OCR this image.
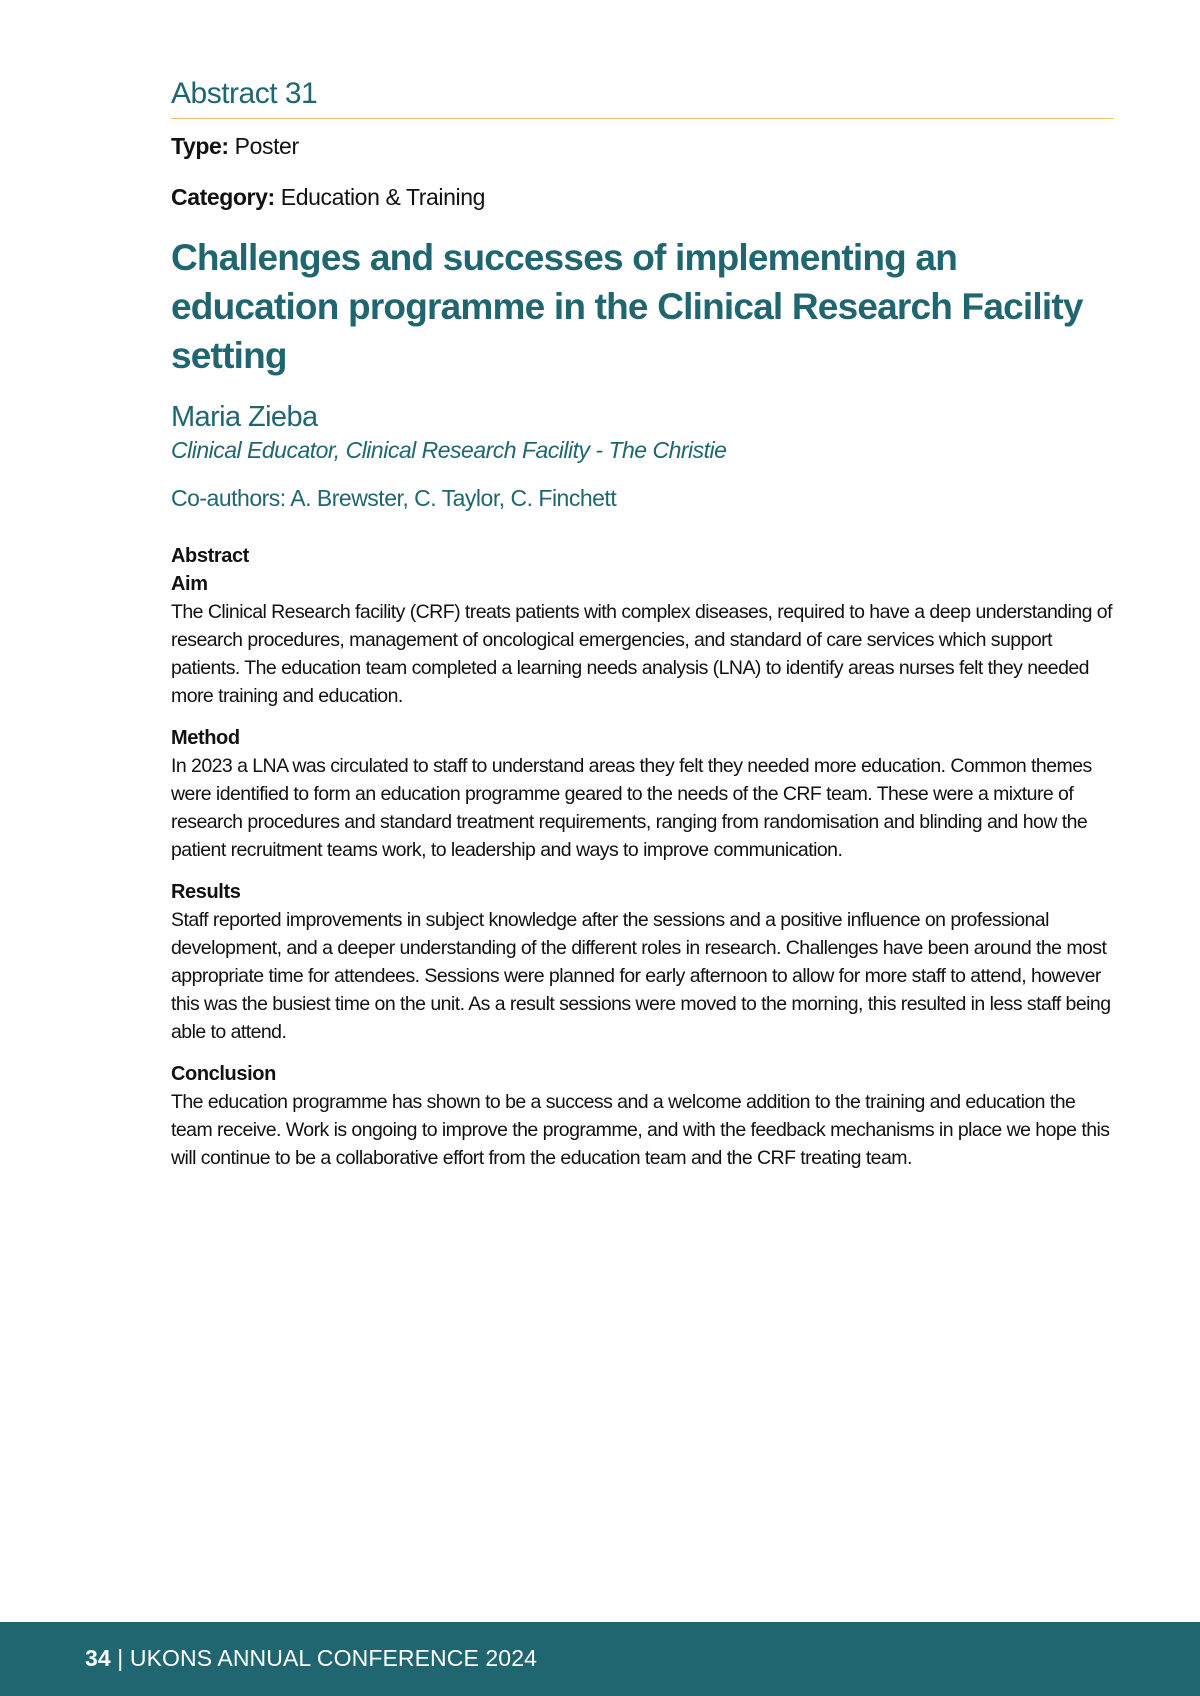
Abstract 31
Type: Poster
Category: Education & Training
Challenges and successes of implementing an education programme in the Clinical Research Facility setting
Maria Zieba
Clinical Educator, Clinical Research Facility - The Christie
Co-authors: A. Brewster, C. Taylor, C. Finchett
Abstract
Aim

The Clinical Research facility (CRF) treats patients with complex diseases, required to have a deep understanding of research procedures, management of oncological emergencies, and standard of care services which support patients. The education team completed a learning needs analysis (LNA) to identify areas nurses felt they needed more training and education.

Method

In 2023 a LNA was circulated to staff to understand areas they felt they needed more education. Common themes were identified to form an education programme geared to the needs of the CRF team. These were a mixture of research procedures and standard treatment requirements, ranging from randomisation and blinding and how the patient recruitment teams work, to leadership and ways to improve communication.

Results

Staff reported improvements in subject knowledge after the sessions and a positive influence on professional development, and a deeper understanding of the different roles in research. Challenges have been around the most appropriate time for attendees. Sessions were planned for early afternoon to allow for more staff to attend, however this was the busiest time on the unit. As a result sessions were moved to the morning, this resulted in less staff being able to attend.

Conclusion

The education programme has shown to be a success and a welcome addition to the training and education the team receive. Work is ongoing to improve the programme, and with the feedback mechanisms in place we hope this will continue to be a collaborative effort from the education team and the CRF treating team.

34 | UKONS ANNUAL CONFERENCE 2024
